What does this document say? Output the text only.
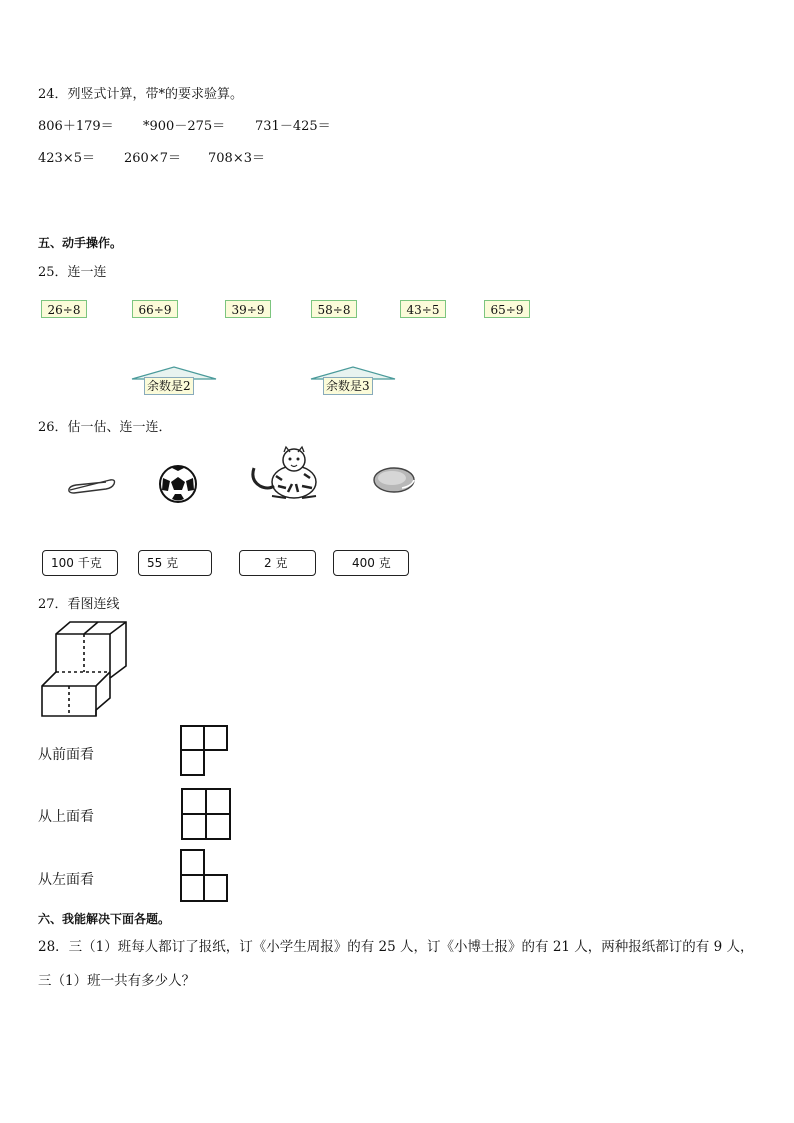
24．列竖式计算，带*的要求验算。
806＋179＝ *900－275＝ 731－425＝
423×5＝ 260×7＝ 708×3＝
五、动手操作。
25．连一连
26÷8	66÷9	39÷9	58÷8	43÷5	65÷9
余数是2	余数是3
26．估一估、连一连．
100 千克	55 克	2 克	400 克
27．看图连线
从前面看
从上面看
从左面看
六、我能解决下面各题。
28．三（1）班每人都订了报纸，订《小学生周报》的有 25 人，订《小博士报》的有 21 人，两种报纸都订的有 9 人，
三（1）班一共有多少人？
